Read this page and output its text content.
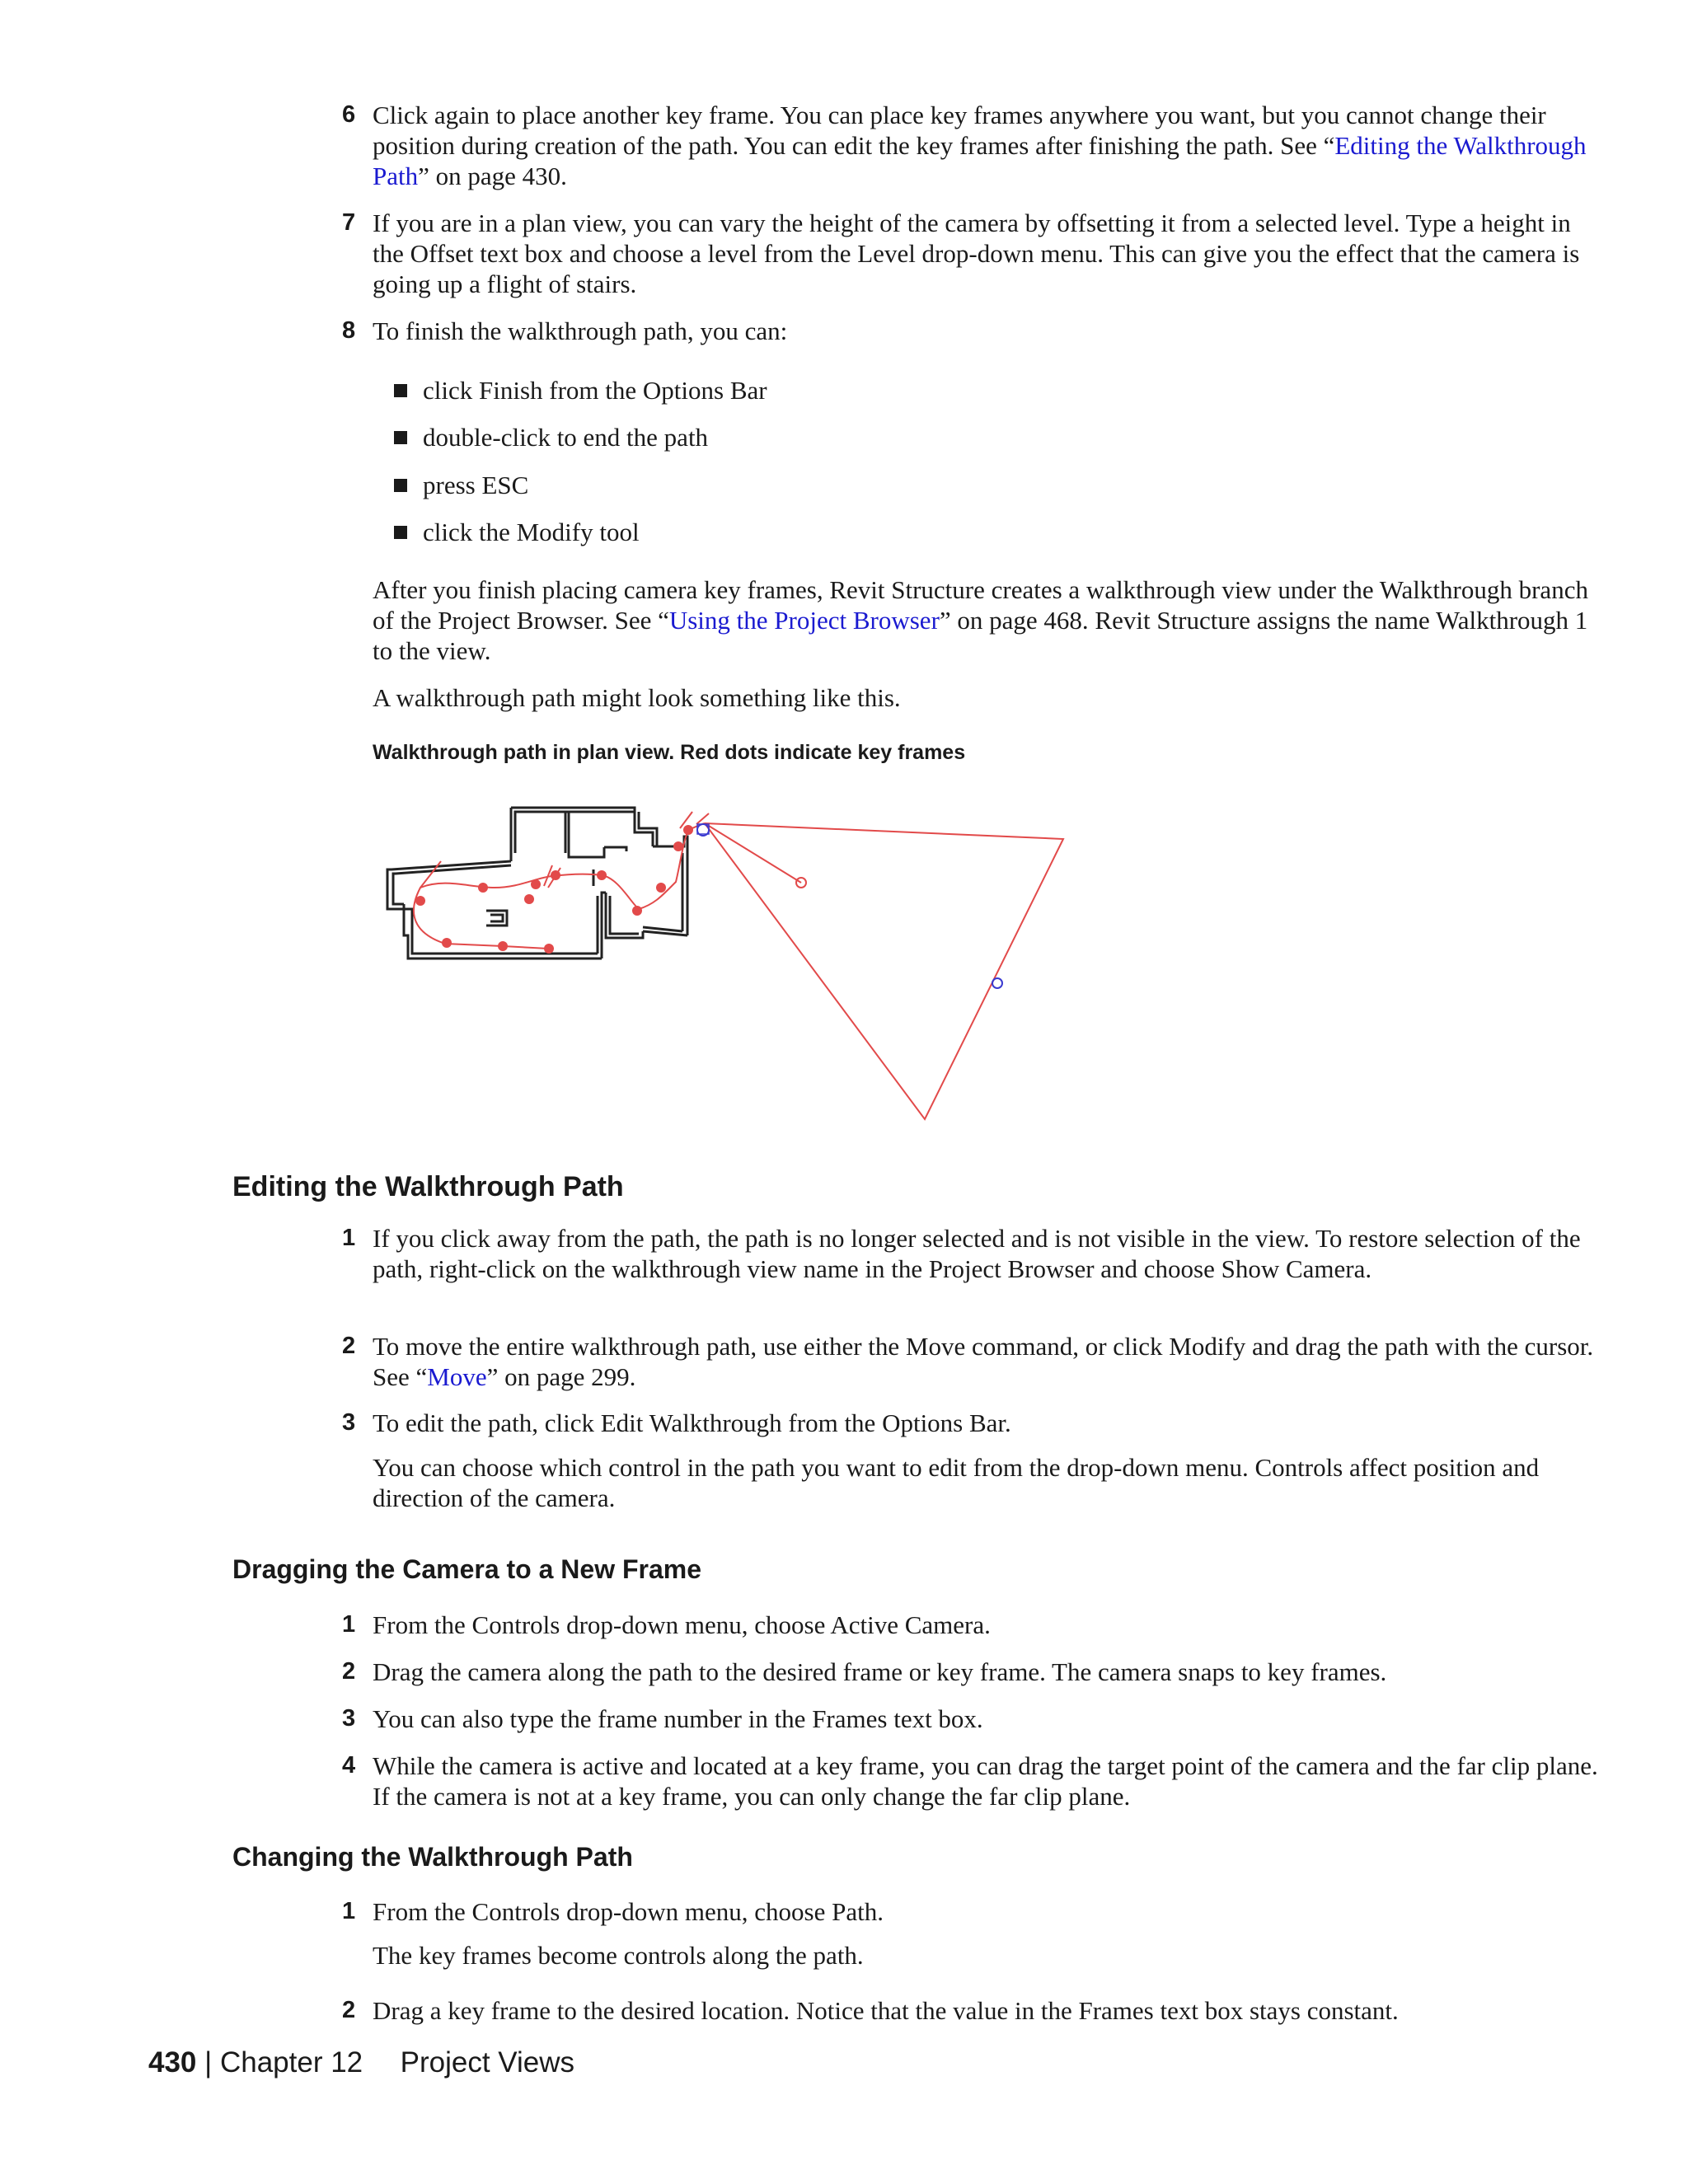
6 Click again to place another key frame. You can place key frames anywhere you want, but you cannot change their position during creation of the path. You can edit the key frames after finishing the path. See “Editing the Walkthrough Path” on page 430.
7 If you are in a plan view, you can vary the height of the camera by offsetting it from a selected level. Type a height in the Offset text box and choose a level from the Level drop-down menu. This can give you the effect that the camera is going up a flight of stairs.
8 To finish the walkthrough path, you can:
click Finish from the Options Bar
double-click to end the path
press ESC
click the Modify tool
After you finish placing camera key frames, Revit Structure creates a walkthrough view under the Walkthrough branch of the Project Browser. See “Using the Project Browser” on page 468. Revit Structure assigns the name Walkthrough 1 to the view.
A walkthrough path might look something like this.
Walkthrough path in plan view. Red dots indicate key frames
Editing the Walkthrough Path
1 If you click away from the path, the path is no longer selected and is not visible in the view. To restore selection of the path, right-click on the walkthrough view name in the Project Browser and choose Show Camera.
2 To move the entire walkthrough path, use either the Move command, or click Modify and drag the path with the cursor. See “Move” on page 299.
3 To edit the path, click Edit Walkthrough from the Options Bar.
You can choose which control in the path you want to edit from the drop-down menu. Controls affect position and direction of the camera.
Dragging the Camera to a New Frame
1 From the Controls drop-down menu, choose Active Camera.
2 Drag the camera along the path to the desired frame or key frame. The camera snaps to key frames.
3 You can also type the frame number in the Frames text box.
4 While the camera is active and located at a key frame, you can drag the target point of the camera and the far clip plane. If the camera is not at a key frame, you can only change the far clip plane.
Changing the Walkthrough Path
1 From the Controls drop-down menu, choose Path.
The key frames become controls along the path.
2 Drag a key frame to the desired location. Notice that the value in the Frames text box stays constant.
430 | Chapter 12 Project Views
